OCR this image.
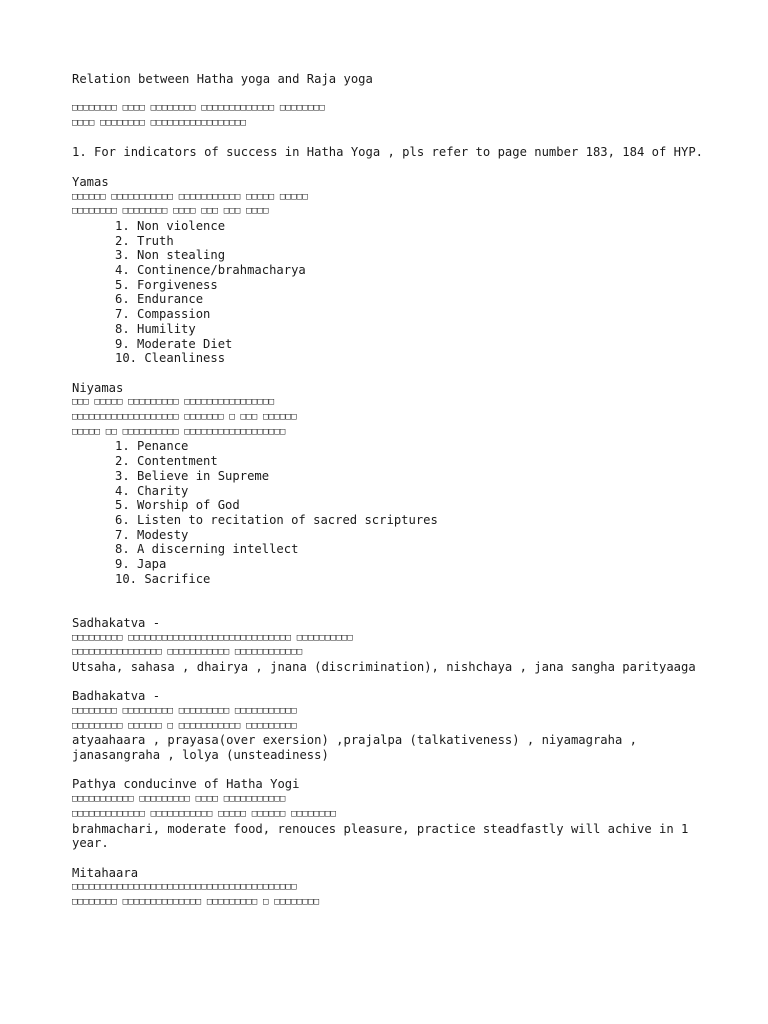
Relation between Hatha yoga and Raja yoga

□□□□□□□□ □□□□ □□□□□□□□ □□□□□□□□□□□□□ □□□□□□□□
□□□□ □□□□□□□□ □□□□□□□□□□□□□□□□□

1. For indicators of success in Hatha Yoga , pls refer to page number 183, 184 of HYP.

Yamas

□□□□□□ □□□□□□□□□□□ □□□□□□□□□□□ □□□□□ □□□□□
□□□□□□□□ □□□□□□□□ □□□□ □□□ □□□ □□□□
1. Non violence
2. Truth
3. Non stealing
4. Continence/brahmacharya
5. Forgiveness
6. Endurance
7. Compassion
8. Humility
9. Moderate Diet
10. Cleanliness

Niyamas

□□□ □□□□□ □□□□□□□□□ □□□□□□□□□□□□□□□□
□□□□□□□□□□□□□□□□□□□ □□□□□□□ □ □□□ □□□□□□
□□□□□ □□ □□□□□□□□□□ □□□□□□□□□□□□□□□□□□
1. Penance
2. Contentment
3. Believe in Supreme
4. Charity
5. Worship of God
6. Listen to recitation of sacred scriptures
7. Modesty
8. A discerning intellect
9. Japa
10. Sacrifice

Sadhakatva -

□□□□□□□□□ □□□□□□□□□□□□□□□□□□□□□□□□□□□□□ □□□□□□□□□□
□□□□□□□□□□□□□□□□ □□□□□□□□□□□ □□□□□□□□□□□□

Utsaha, sahasa , dhairya , jnana (discrimination), nishchaya , jana sangha parityaaga

Badhakatva -

□□□□□□□□ □□□□□□□□□ □□□□□□□□□ □□□□□□□□□□□
□□□□□□□□□ □□□□□□ □ □□□□□□□□□□□ □□□□□□□□□

atyaahaara , prayasa(over exersion) ,prajalpa (talkativeness) , niyamagraha , janasangraha , lolya (unsteadiness)

Pathya conducinve of Hatha Yogi

□□□□□□□□□□□ □□□□□□□□□ □□□□ □□□□□□□□□□□
□□□□□□□□□□□□□ □□□□□□□□□□□ □□□□□ □□□□□□ □□□□□□□□

brahmachari, moderate food, renouces pleasure, practice steadfastly will achive in 1 year.

Mitahaara

□□□□□□□□□□□□□□□□□□□□□□□□□□□□□□□□□□□□□□□□
□□□□□□□□ □□□□□□□□□□□□□□ □□□□□□□□□ □ □□□□□□□□
